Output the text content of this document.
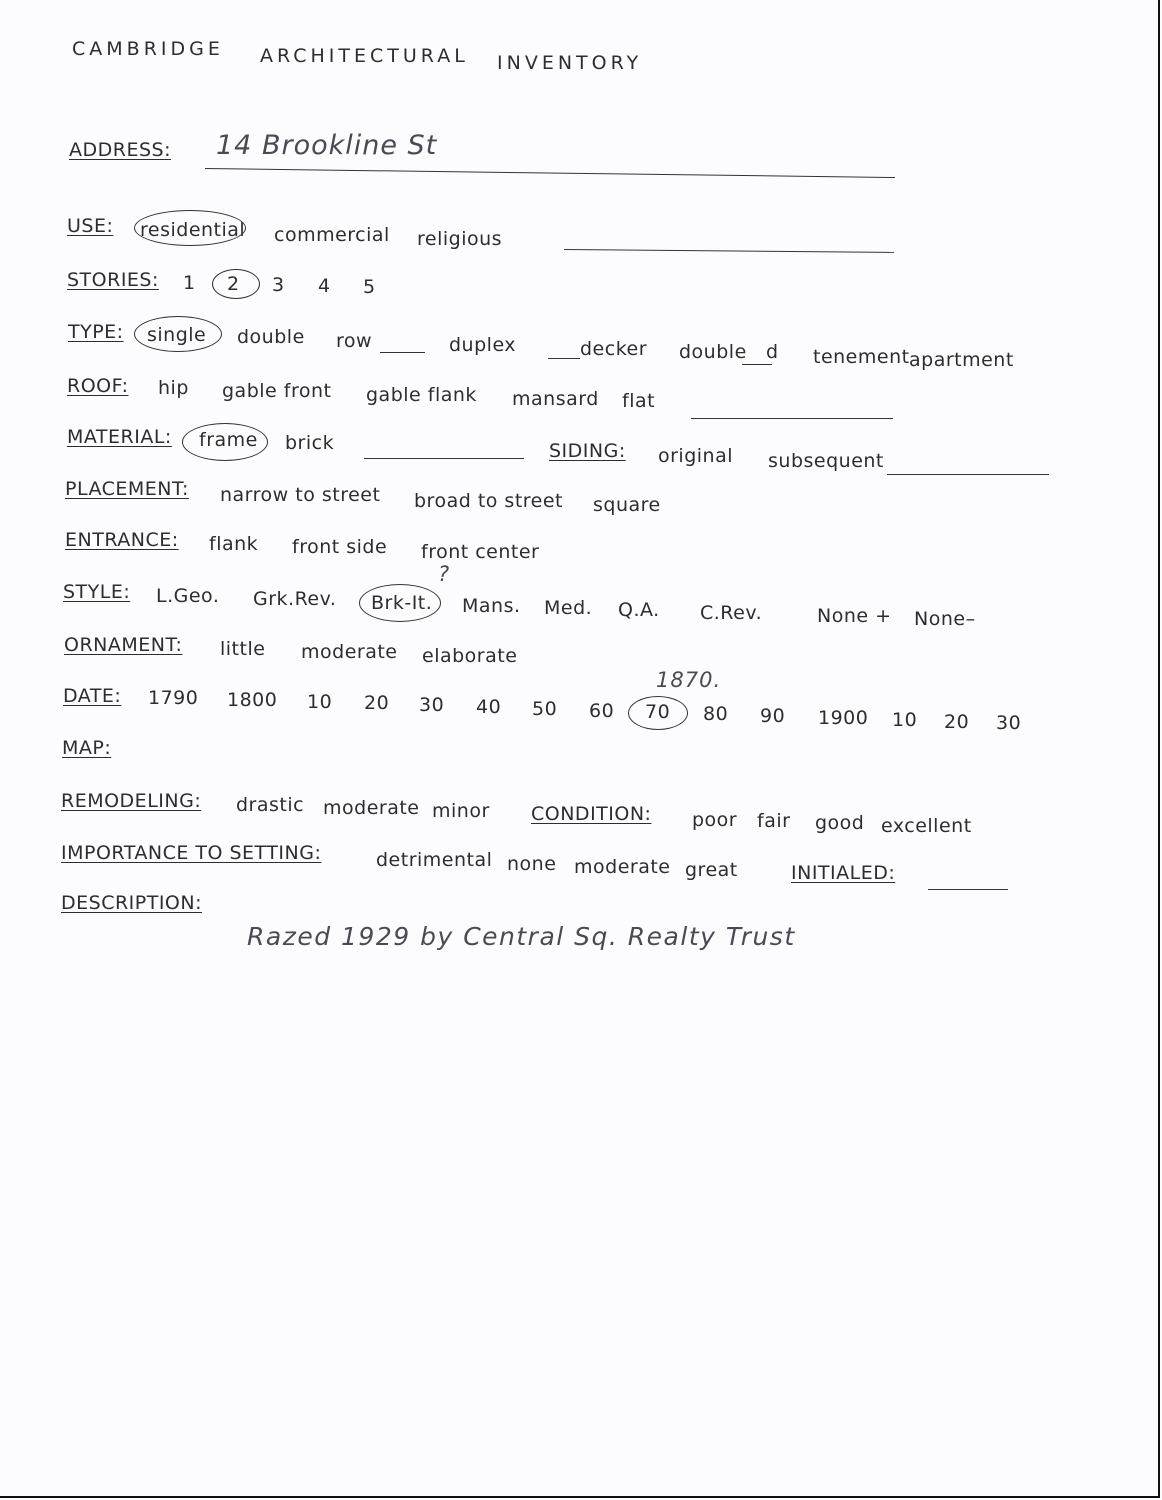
CAMBRIDGE ARCHITECTURAL INVENTORY
ADDRESS: 14 Brookline St
USE: residential commercial religious
STORIES: 1 2 3 4 5
TYPE: single double row	duplex	decker double d tenement apartment
ROOF: hip gable front gable flank mansard flat
MATERIAL: frame brick	SIDING: original subsequent
PLACEMENT: narrow to street broad to street square
ENTRANCE: flank front side front center
STYLE: L.Geo. Grk.Rev. Brk-It.
?
Mans. Med. Q.A. C.Rev.	None + None–
ORNAMENT: little moderate elaborate
DATE: 1790 1800 10 20 30 40 50 60 70
1870.
80 90 1900 10 20 30
MAP:
REMODELING: drastic moderate minor CONDITION: poor fair good excellent
IMPORTANCE TO SETTING:	detrimental none moderate great	INITIALED:
DESCRIPTION:
Razed 1929 by Central Sq. Realty Trust
